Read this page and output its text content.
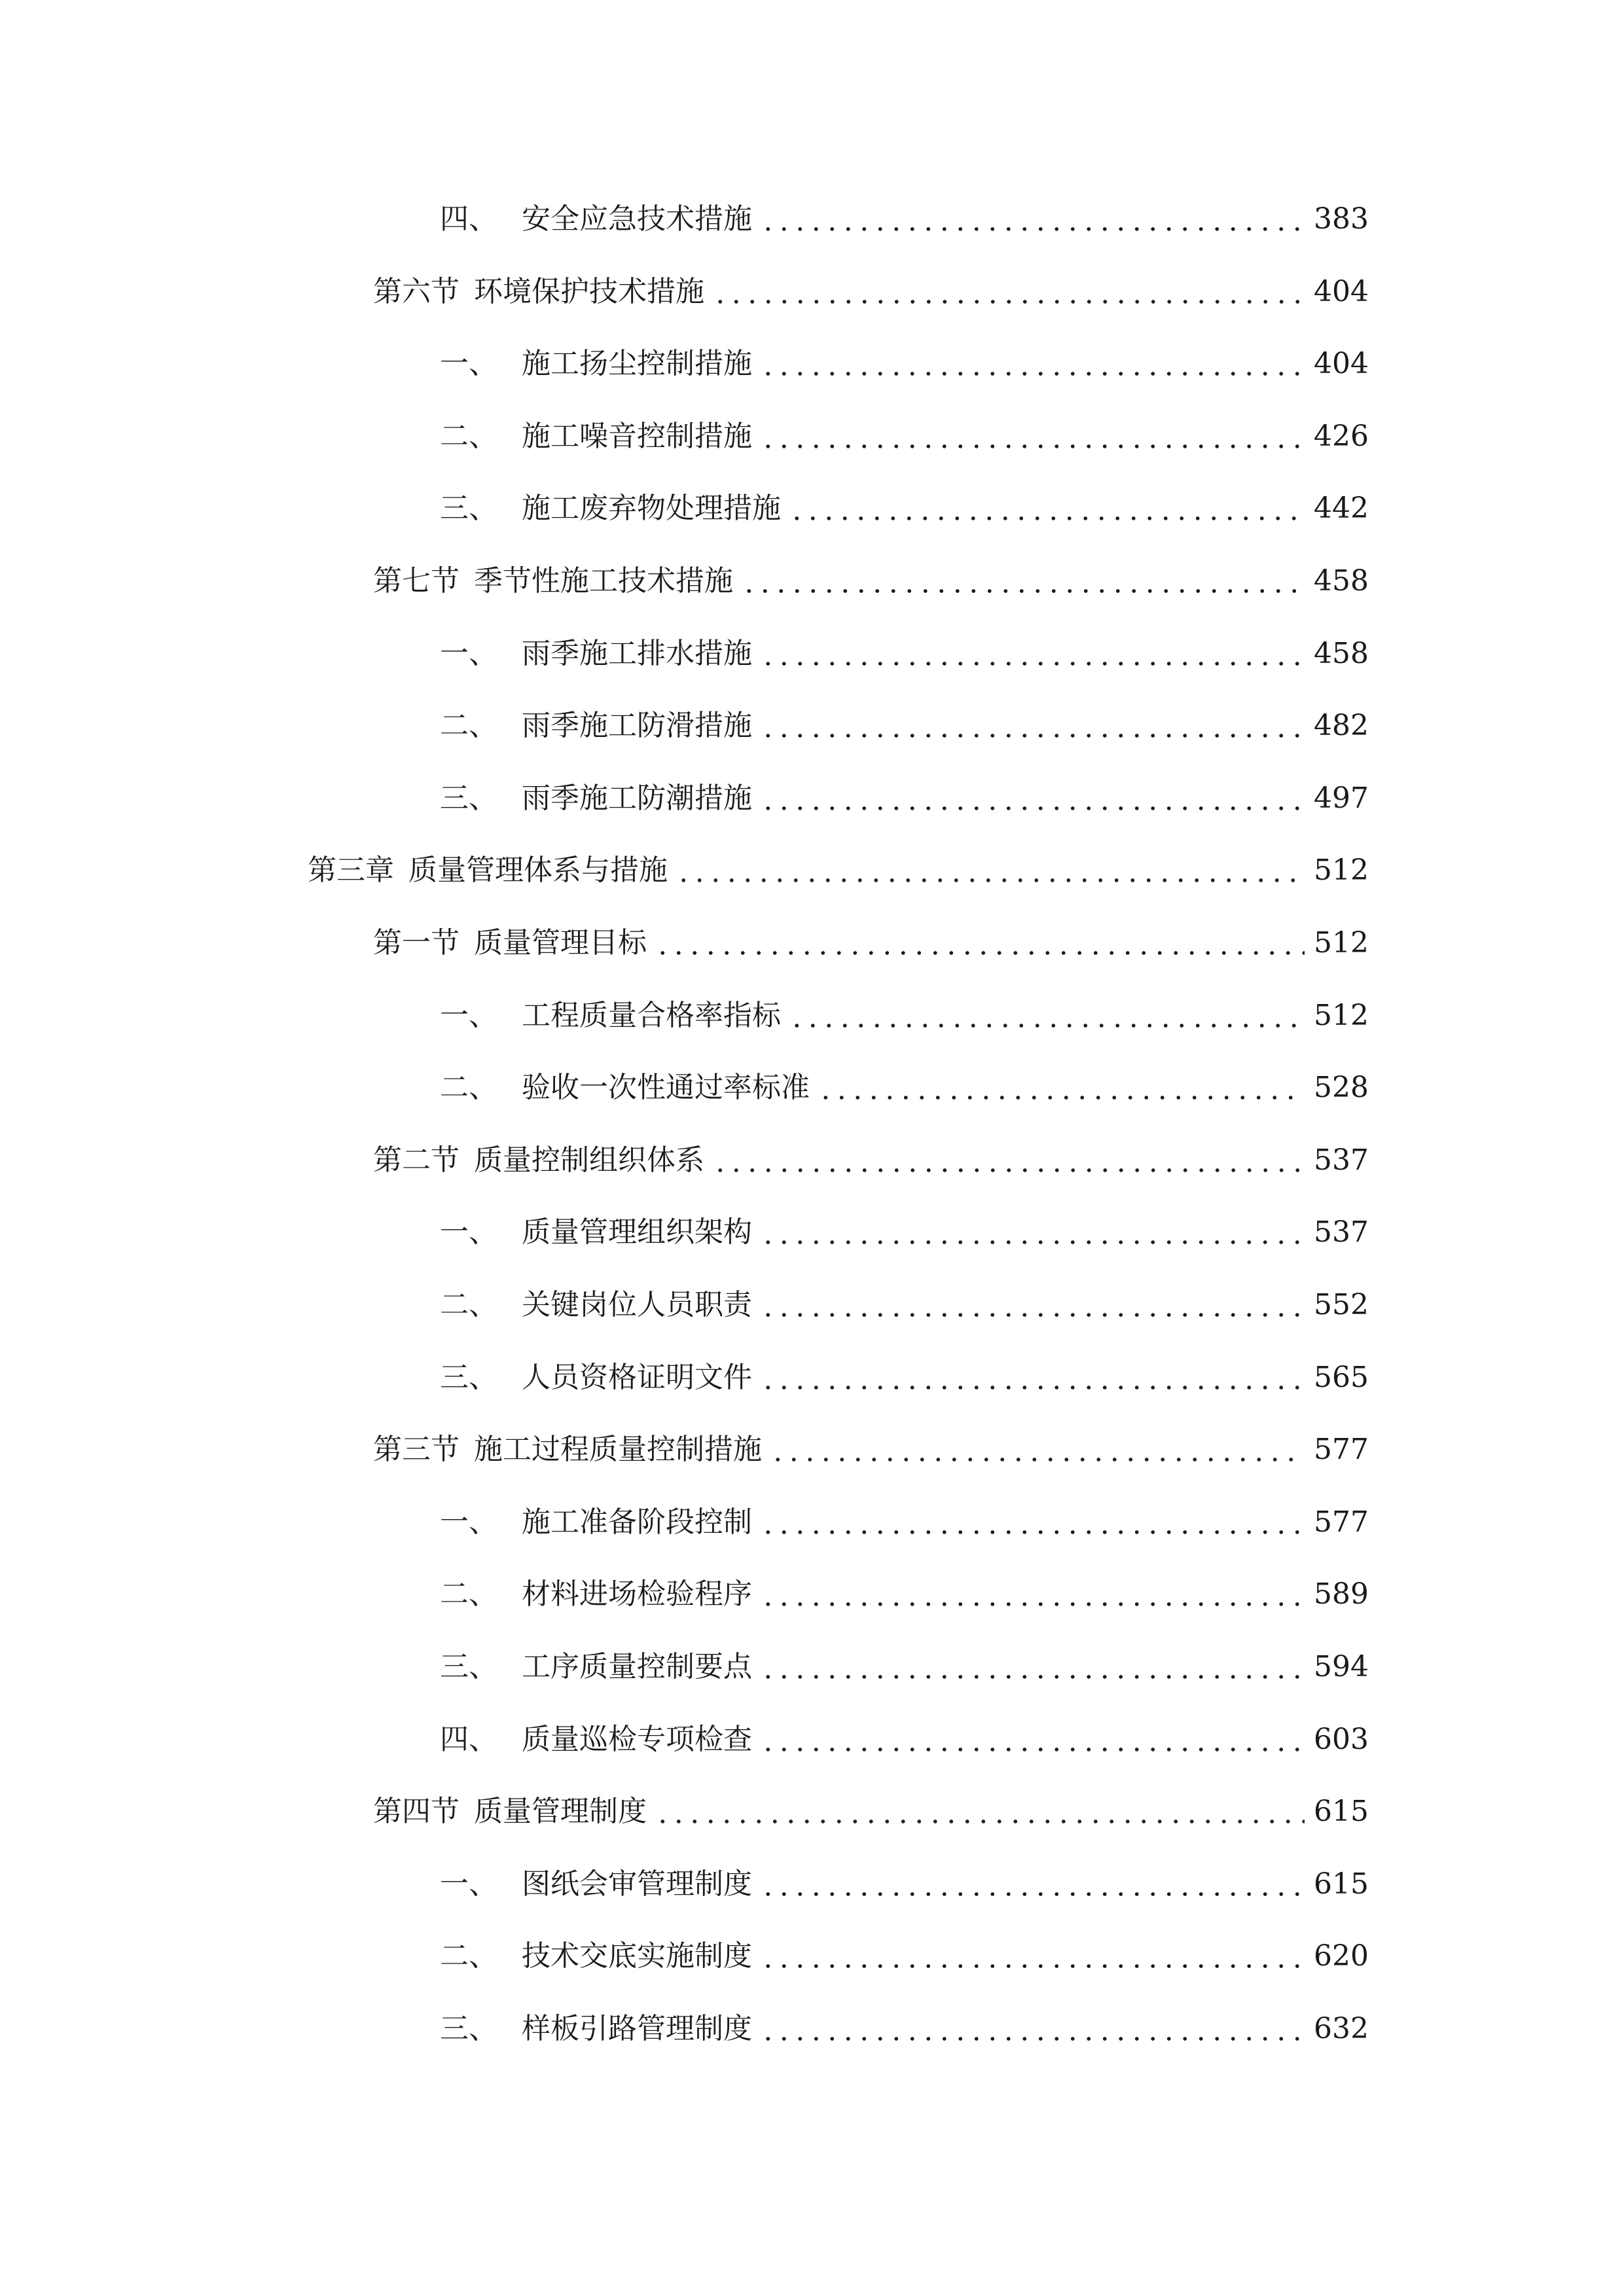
四、 安全应急技术措施	383
第六节 环境保护技术措施	404
一、 施工扬尘控制措施	404
二、 施工噪音控制措施	426
三、 施工废弃物处理措施	442
第七节 季节性施工技术措施	458
一、 雨季施工排水措施	458
二、 雨季施工防滑措施	482
三、 雨季施工防潮措施	497
第三章 质量管理体系与措施	512
第一节 质量管理目标	512
一、 工程质量合格率指标	512
二、 验收一次性通过率标准	528
第二节 质量控制组织体系	537
一、 质量管理组织架构	537
二、 关键岗位人员职责	552
三、 人员资格证明文件	565
第三节 施工过程质量控制措施	577
一、 施工准备阶段控制	577
二、 材料进场检验程序	589
三、 工序质量控制要点	594
四、 质量巡检专项检查	603
第四节 质量管理制度	615
一、 图纸会审管理制度	615
二、 技术交底实施制度	620
三、 样板引路管理制度	632
